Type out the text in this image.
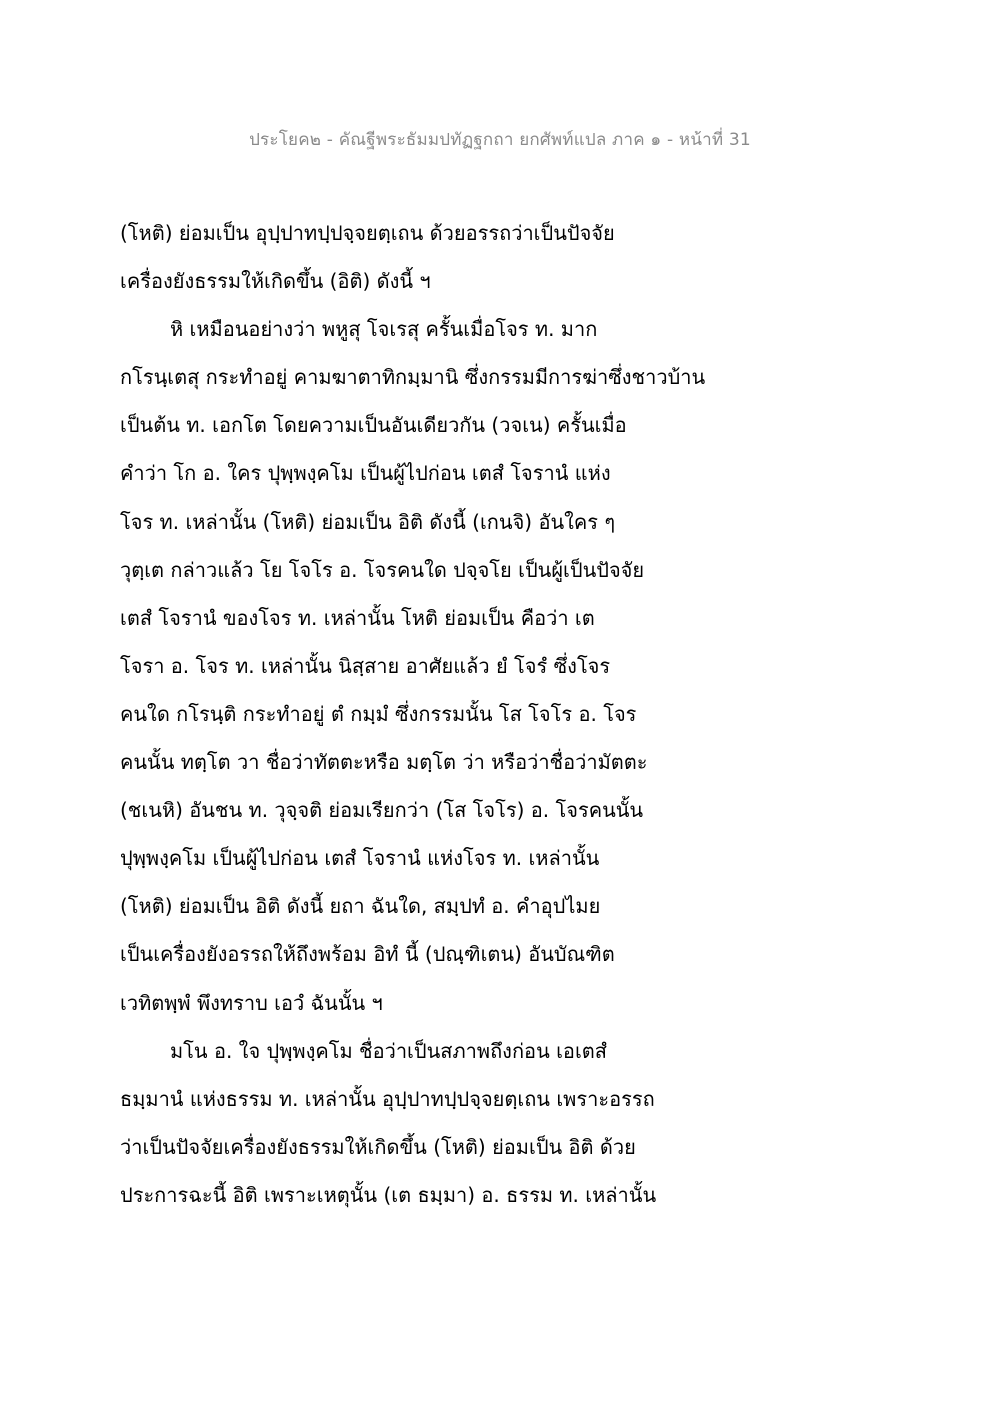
ประโยค๒ - คัณฐีพระธัมมปทัฏฐกถา ยกศัพท์แปล ภาค ๑ - หน้าที่ 31
(โหติ) ย่อมเป็น อุปฺปาทปฺปจฺจยตฺเถน ด้วยอรรถว่าเป็นปัจจัย
เครื่องยังธรรมให้เกิดขึ้น (อิติ) ดังนี้ ฯ
หิ เหมือนอย่างว่า พหูสุ โจเรสุ ครั้นเมื่อโจร ท. มาก
กโรนฺเตสุ กระทำอยู่ คามฆาตาทิกมฺมานิ ซึ่งกรรมมีการฆ่าซึ่งชาวบ้าน
เป็นต้น ท. เอกโต โดยความเป็นอันเดียวกัน (วจเน) ครั้นเมื่อ
คำว่า โก อ. ใคร ปุพฺพงฺคโม เป็นผู้ไปก่อน เตสํ โจรานํ แห่ง
โจร ท. เหล่านั้น (โหติ) ย่อมเป็น อิติ ดังนี้ (เกนจิ) อันใคร ๆ
วุตฺเต กล่าวแล้ว โย โจโร อ. โจรคนใด ปจฺจโย เป็นผู้เป็นปัจจัย
เตสํ โจรานํ ของโจร ท. เหล่านั้น โหติ ย่อมเป็น คือว่า เต
โจรา อ. โจร ท. เหล่านั้น นิสฺสาย อาศัยแล้ว ยํ โจรํ ซึ่งโจร
คนใด กโรนฺติ กระทำอยู่ ตํ กมฺมํ ซึ่งกรรมนั้น โส โจโร อ. โจร
คนนั้น ทตฺโต วา ชื่อว่าทัตตะหรือ มตฺโต ว่า หรือว่าชื่อว่ามัตตะ
(ชเนหิ) อันชน ท. วุจฺจติ ย่อมเรียกว่า (โส โจโร) อ. โจรคนนั้น
ปุพฺพงฺคโม เป็นผู้ไปก่อน เตสํ โจรานํ แห่งโจร ท. เหล่านั้น
(โหติ) ย่อมเป็น อิติ ดังนี้ ยถา ฉันใด, สมฺปทํ อ. คำอุปไมย
เป็นเครื่องยังอรรถให้ถึงพร้อม อิทํ นี้ (ปณฺฑิเตน) อันบัณฑิต
เวทิตพฺพํ พึงทราบ เอวํ ฉันนั้น ฯ
มโน อ. ใจ ปุพฺพงฺคโม ชื่อว่าเป็นสภาพถึงก่อน เอเตสํ
ธมฺมานํ แห่งธรรม ท. เหล่านั้น อุปฺปาทปฺปจฺจยตฺเถน เพราะอรรถ
ว่าเป็นปัจจัยเครื่องยังธรรมให้เกิดขึ้น (โหติ) ย่อมเป็น อิติ ด้วย
ประการฉะนี้ อิติ เพราะเหตุนั้น (เต ธมฺมา) อ. ธรรม ท. เหล่านั้น
